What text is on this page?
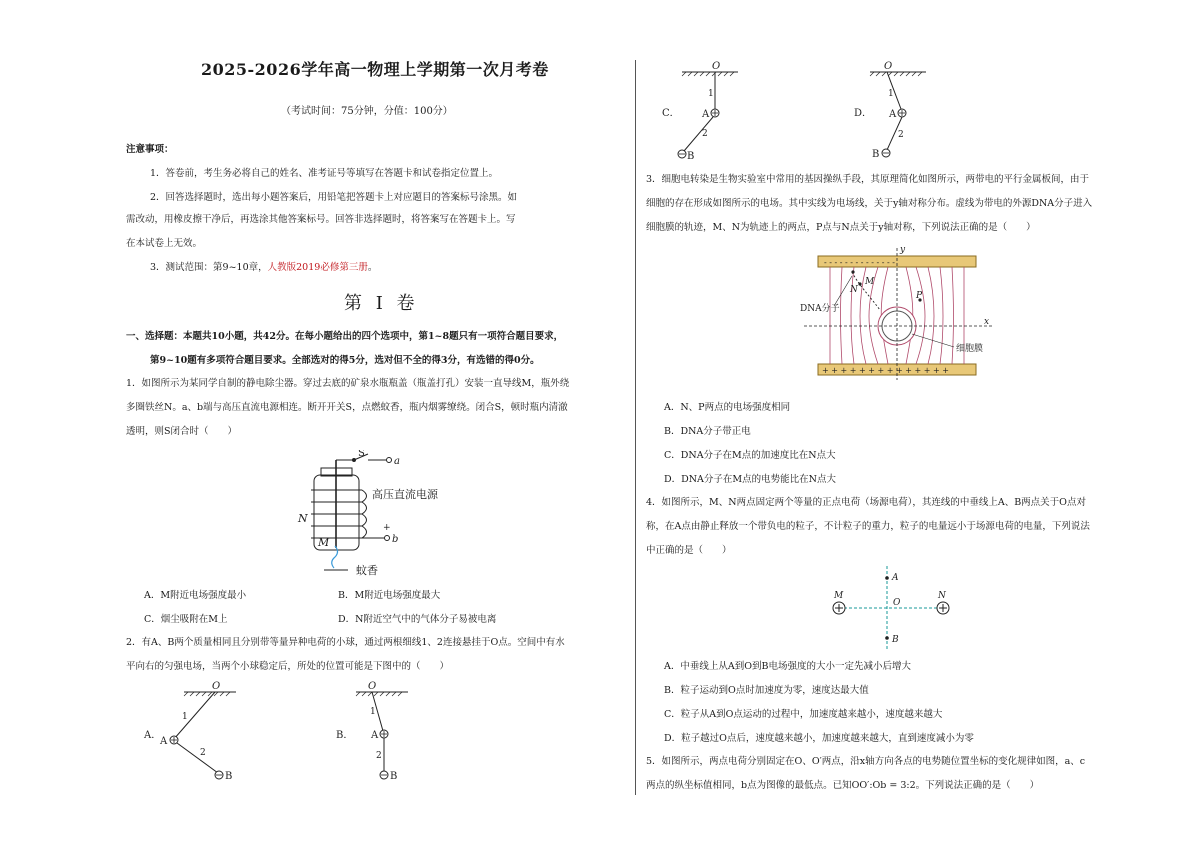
2025-2026学年高一物理上学期第一次月考卷
（考试时间：75分钟，分值：100分）
注意事项：
1．答卷前，考生务必将自己的姓名、准考证号等填写在答题卡和试卷指定位置上。
2．回答选择题时，选出每小题答案后，用铅笔把答题卡上对应题目的答案标号涂黑。如
需改动，用橡皮擦干净后，再选涂其他答案标号。回答非选择题时，将答案写在答题卡上。写
在本试卷上无效。
3．测试范围：第9~10章，人教版2019必修第三册。
第 I 卷
一、选择题：本题共10小题，共42分。在每小题给出的四个选项中，第1~8题只有一项符合题目要求，
第9~10题有多项符合题目要求。全部选对的得5分，选对但不全的得3分，有选错的得0分。
1．如图所示为某同学自制的静电除尘器。穿过去底的矿泉水瓶瓶盖（瓶盖打孔）安装一直导线M，瓶外绕
多圈铁丝N。a、b端与高压直流电源相连。断开开关S，点燃蚊香，瓶内烟雾缭绕。闭合S，顿时瓶内清澈
透明，则S闭合时（　　）
S
a
+
b
高压直流电源
N
M
蚊香
A．M附近电场强度最小	B．M附近电场强度最大
C．烟尘吸附在M上	D．N附近空气中的气体分子易被电离
2．有A、B两个质量相同且分别带等量异种电荷的小球，通过两根细线1、2连接悬挂于O点。空间中有水
平向右的匀强电场，当两个小球稳定后，所处的位置可能是下图中的（　　）
A．
O
1
A
2
B
B．
O
1
A
2
B
C．
O
1
A
2
B
D．
O
1
A
2
B
3．细胞电转染是生物实验室中常用的基因操纵手段，其原理简化如图所示，两带电的平行金属板间，由于
细胞的存在形成如图所示的电场。其中实线为电场线，关于y轴对称分布。虚线为带电的外源DNA分子进入
细胞膜的轨迹，M、N为轨迹上的两点，P点与N点关于y轴对称，下列说法正确的是（　　）
- - - - - - - - - - - - - -
+ + + + + + + + + + + + + +
y
x
M
N
P
DNA分子
细胞膜
A．N、P两点的电场强度相同
B．DNA分子带正电
C．DNA分子在M点的加速度比在N点大
D．DNA分子在M点的电势能比在N点大
4．如图所示，M、N两点固定两个等量的正点电荷（场源电荷），其连线的中垂线上A、B两点关于O点对
称，在A点由静止释放一个带负电的粒子，不计粒子的重力，粒子的电量远小于场源电荷的电量，下列说法
中正确的是（　　）
M	N
O
A
B
A．中垂线上从A到O到B电场强度的大小一定先减小后增大
B．粒子运动到O点时加速度为零，速度达最大值
C．粒子从A到O点运动的过程中，加速度越来越小，速度越来越大
D．粒子越过O点后，速度越来越小，加速度越来越大，直到速度减小为零
5．如图所示，两点电荷分别固定在O、O′两点，沿x轴方向各点的电势随位置坐标的变化规律如图，a、c
两点的纵坐标值相同，b点为图像的最低点。已知OO′:Ob = 3:2。下列说法正确的是（　　）
